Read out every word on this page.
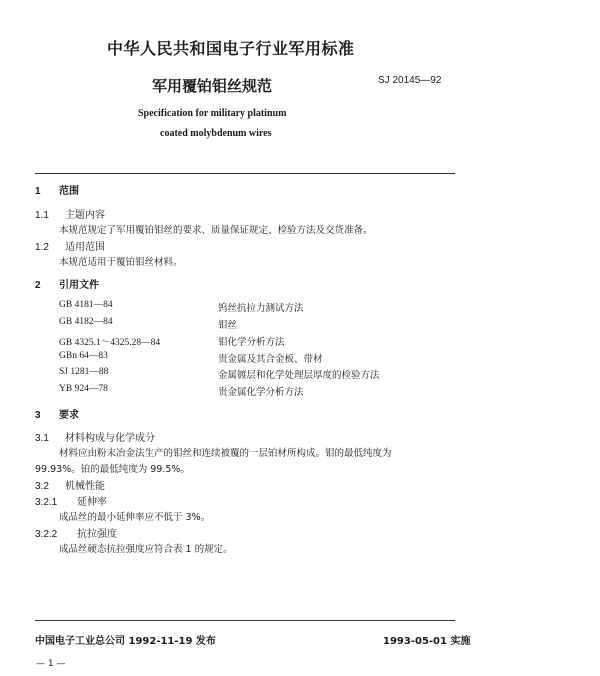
中华人民共和国电子行业军用标准
军用覆铂钼丝规范	SJ 20145—92
Specification for military platinum
coated molybdenum wires
1 范围
1.1 主题内容
本规范规定了军用覆铂钼丝的要求、质量保证规定、检验方法及交货准备。
1.2 适用范围
本规范适用于覆铂钼丝材料。
2 引用文件
GB 4181—84	钨丝抗拉力测试方法
GB 4182—84	钼丝
GB 4325.1～4325.28—84	钼化学分析方法
GBn 64—83	贵金属及其合金板、带材
SJ 1281—88	金属镀层和化学处理层厚度的检验方法
YB 924—78	贵金属化学分析方法
3 要求
3.1 材料构成与化学成分
材料应由粉末冶金法生产的钼丝和连续被覆的一层铂材所构成。钼的最低纯度为
99.93%。铂的最低纯度为 99.5%。
3.2 机械性能
3.2.1 延伸率
成品丝的最小延伸率应不低于 3%。
3.2.2 抗拉强度
成品丝硬态抗拉强度应符合表 1 的规定。
中国电子工业总公司 1992-11-19 发布	1993-05-01 实施
— 1 —
